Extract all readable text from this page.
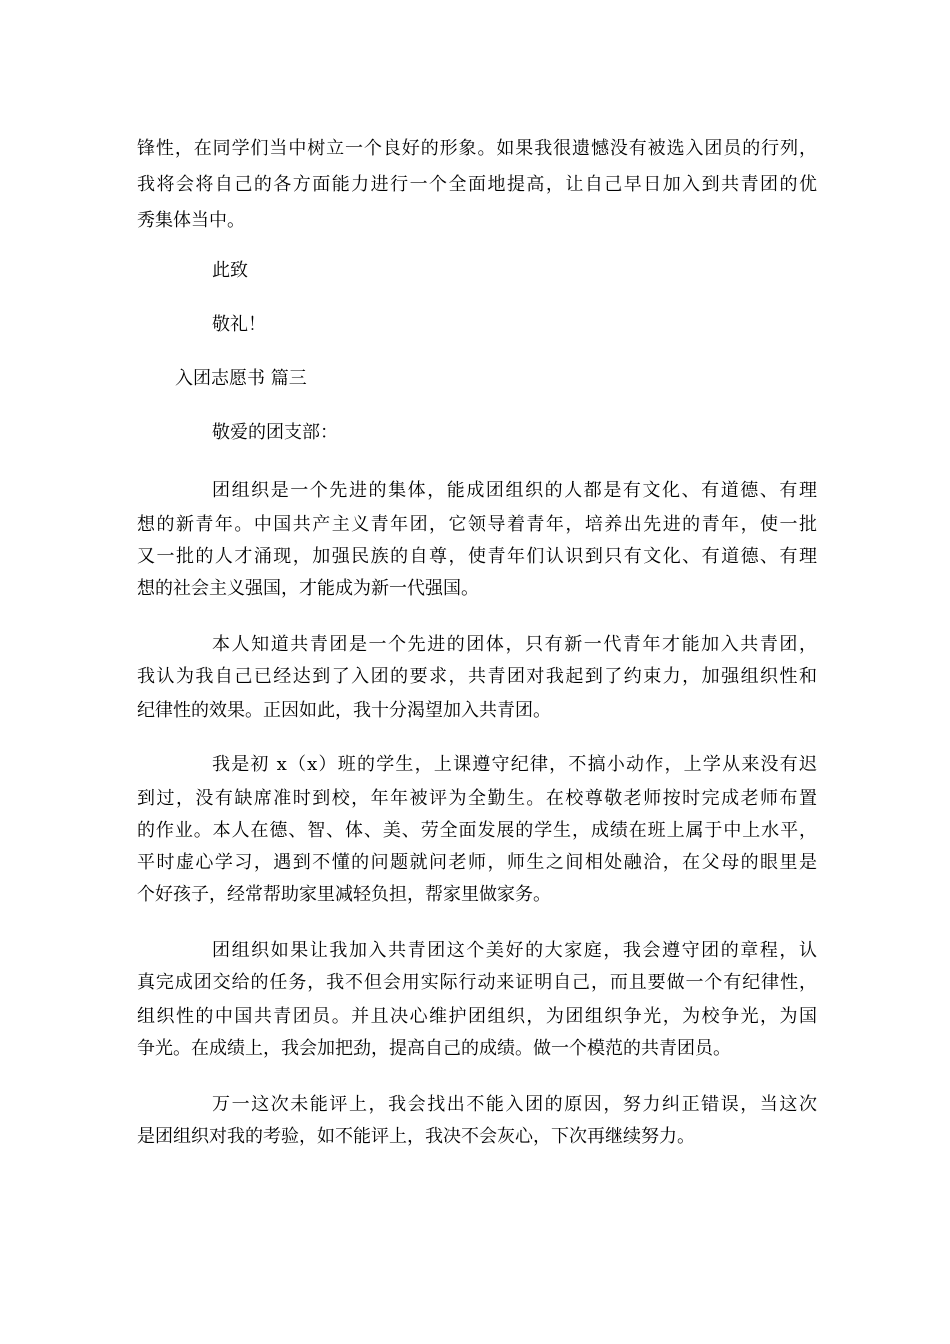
锋性，在同学们当中树立一个良好的形象。如果我很遗憾没有被选入团员的行列，
我将会将自己的各方面能力进行一个全面地提高，让自己早日加入到共青团的优
秀集体当中。
此致
敬礼！
入团志愿书 篇三
敬爱的团支部：
团组织是一个先进的集体，能成团组织的人都是有文化、有道德、有理
想的新青年。中国共产主义青年团，它领导着青年，培养出先进的青年，使一批
又一批的人才涌现，加强民族的自尊，使青年们认识到只有文化、有道德、有理
想的社会主义强国，才能成为新一代强国。
本人知道共青团是一个先进的团体，只有新一代青年才能加入共青团，
我认为我自己已经达到了入团的要求，共青团对我起到了约束力，加强组织性和
纪律性的效果。正因如此，我十分渴望加入共青团。
我是初 x（x）班的学生，上课遵守纪律，不搞小动作，上学从来没有迟
到过，没有缺席准时到校，年年被评为全勤生。在校尊敬老师按时完成老师布置
的作业。本人在德、智、体、美、劳全面发展的学生，成绩在班上属于中上水平，
平时虚心学习，遇到不懂的问题就问老师，师生之间相处融洽，在父母的眼里是
个好孩子，经常帮助家里减轻负担，帮家里做家务。
团组织如果让我加入共青团这个美好的大家庭，我会遵守团的章程，认
真完成团交给的任务，我不但会用实际行动来证明自己，而且要做一个有纪律性，
组织性的中国共青团员。并且决心维护团组织，为团组织争光，为校争光，为国
争光。在成绩上，我会加把劲，提高自己的成绩。做一个模范的共青团员。
万一这次未能评上，我会找出不能入团的原因，努力纠正错误，当这次
是团组织对我的考验，如不能评上，我决不会灰心，下次再继续努力。
